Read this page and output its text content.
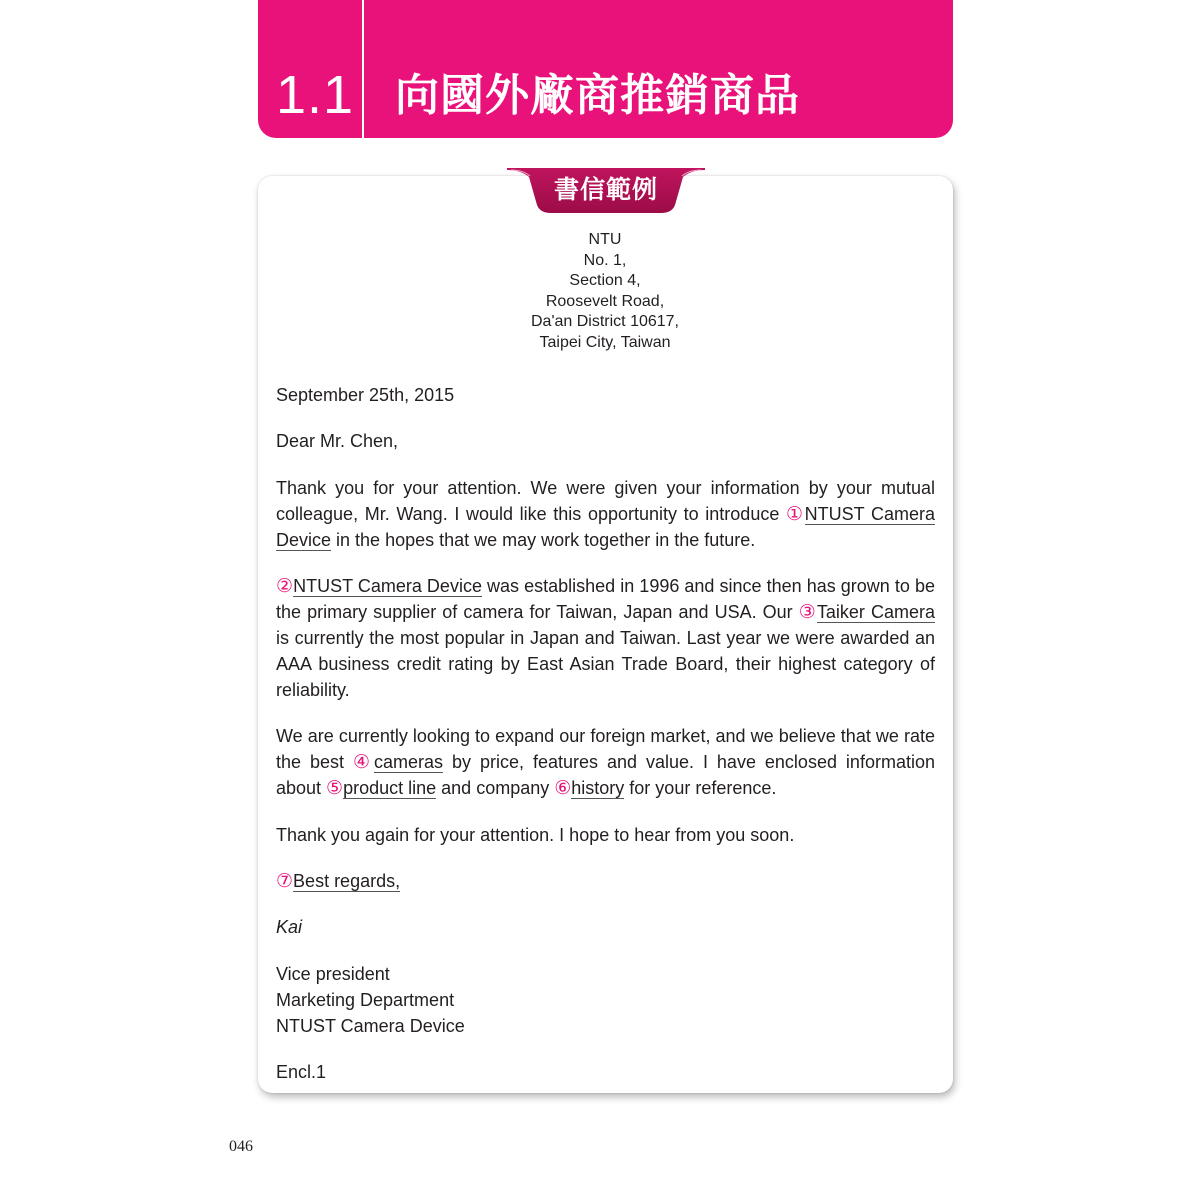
1.1 向國外廠商推銷商品
書信範例
NTU
No. 1,
Section 4,
Roosevelt Road,
Da'an District 10617,
Taipei City, Taiwan
September 25th, 2015
Dear Mr. Chen,
Thank you for your attention. We were given your information by your mutual colleague, Mr. Wang. I would like this opportunity to introduce ①NTUST Camera Device in the hopes that we may work together in the future.
②NTUST Camera Device was established in 1996 and since then has grown to be the primary supplier of camera for Taiwan, Japan and USA. Our ③Taiker Camera is currently the most popular in Japan and Taiwan. Last year we were awarded an AAA business credit rating by East Asian Trade Board, their highest category of reliability.
We are currently looking to expand our foreign market, and we believe that we rate the best ④cameras by price, features and value. I have enclosed information about ⑤product line and company ⑥history for your reference.
Thank you again for your attention. I hope to hear from you soon.
⑦Best regards,
Kai
Vice president
Marketing Department
NTUST Camera Device
Encl.1
046
